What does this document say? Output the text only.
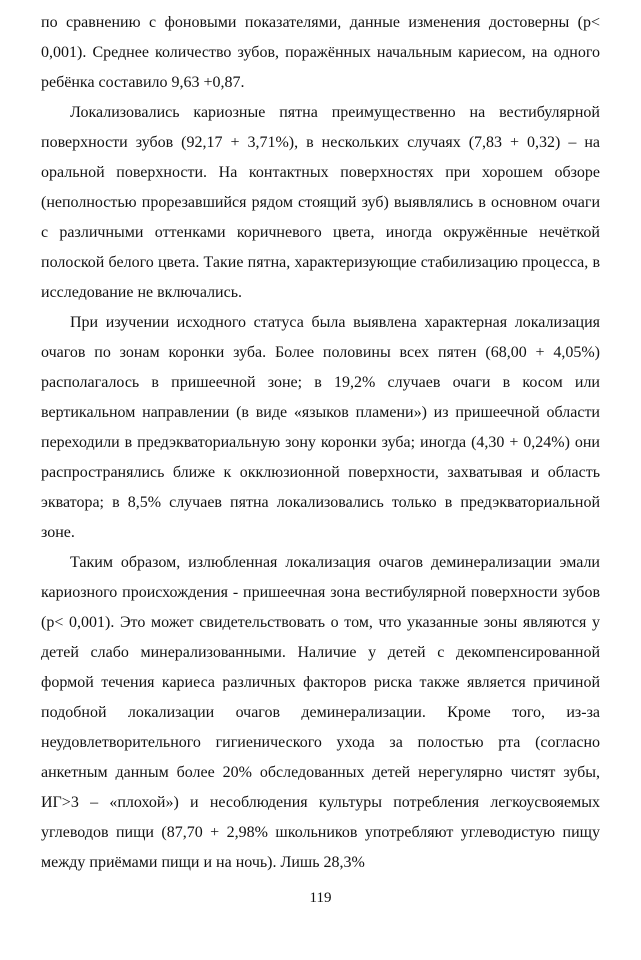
по сравнению с фоновыми показателями, данные изменения достоверны (р< 0,001). Среднее количество зубов, поражённых начальным кариесом, на одного ребёнка составило 9,63 +0,87.

Локализовались кариозные пятна преимущественно на вестибулярной поверхности зубов (92,17 + 3,71%), в нескольких случаях (7,83 + 0,32) – на оральной поверхности. На контактных поверхностях при хорошем обзоре (неполностью прорезавшийся рядом стоящий зуб) выявлялись в основном очаги с различными оттенками коричневого цвета, иногда окружённые нечёткой полоской белого цвета. Такие пятна, характеризующие стабилизацию процесса, в исследование не включались.

При изучении исходного статуса была выявлена характерная локализация очагов по зонам коронки зуба. Более половины всех пятен (68,00 + 4,05%) располагалось в пришеечной зоне; в 19,2% случаев очаги в косом или вертикальном направлении (в виде «языков пламени») из пришеечной области переходили в предэкваториальную зону коронки зуба; иногда (4,30 + 0,24%) они распространялись ближе к окклюзионной поверхности, захватывая и область экватора; в 8,5% случаев пятна локализовались только в предэкваториальной зоне.

Таким образом, излюбленная локализация очагов деминерализации эмали кариозного происхождения - пришеечная зона вестибулярной поверхности зубов (р< 0,001). Это может свидетельствовать о том, что указанные зоны являются у детей слабо минерализованными. Наличие у детей с декомпенсированной формой течения кариеса различных факторов риска также является причиной подобной локализации очагов деминерализации. Кроме того, из-за неудовлетворительного гигиенического ухода за полостью рта (согласно анкетным данным более 20% обследованных детей нерегулярно чистят зубы, ИГ>3 – «плохой») и несоблюдения культуры потребления легкоусвояемых углеводов пищи (87,70 + 2,98% школьников употребляют углеводистую пищу между приёмами пищи и на ночь). Лишь 28,3%

119
